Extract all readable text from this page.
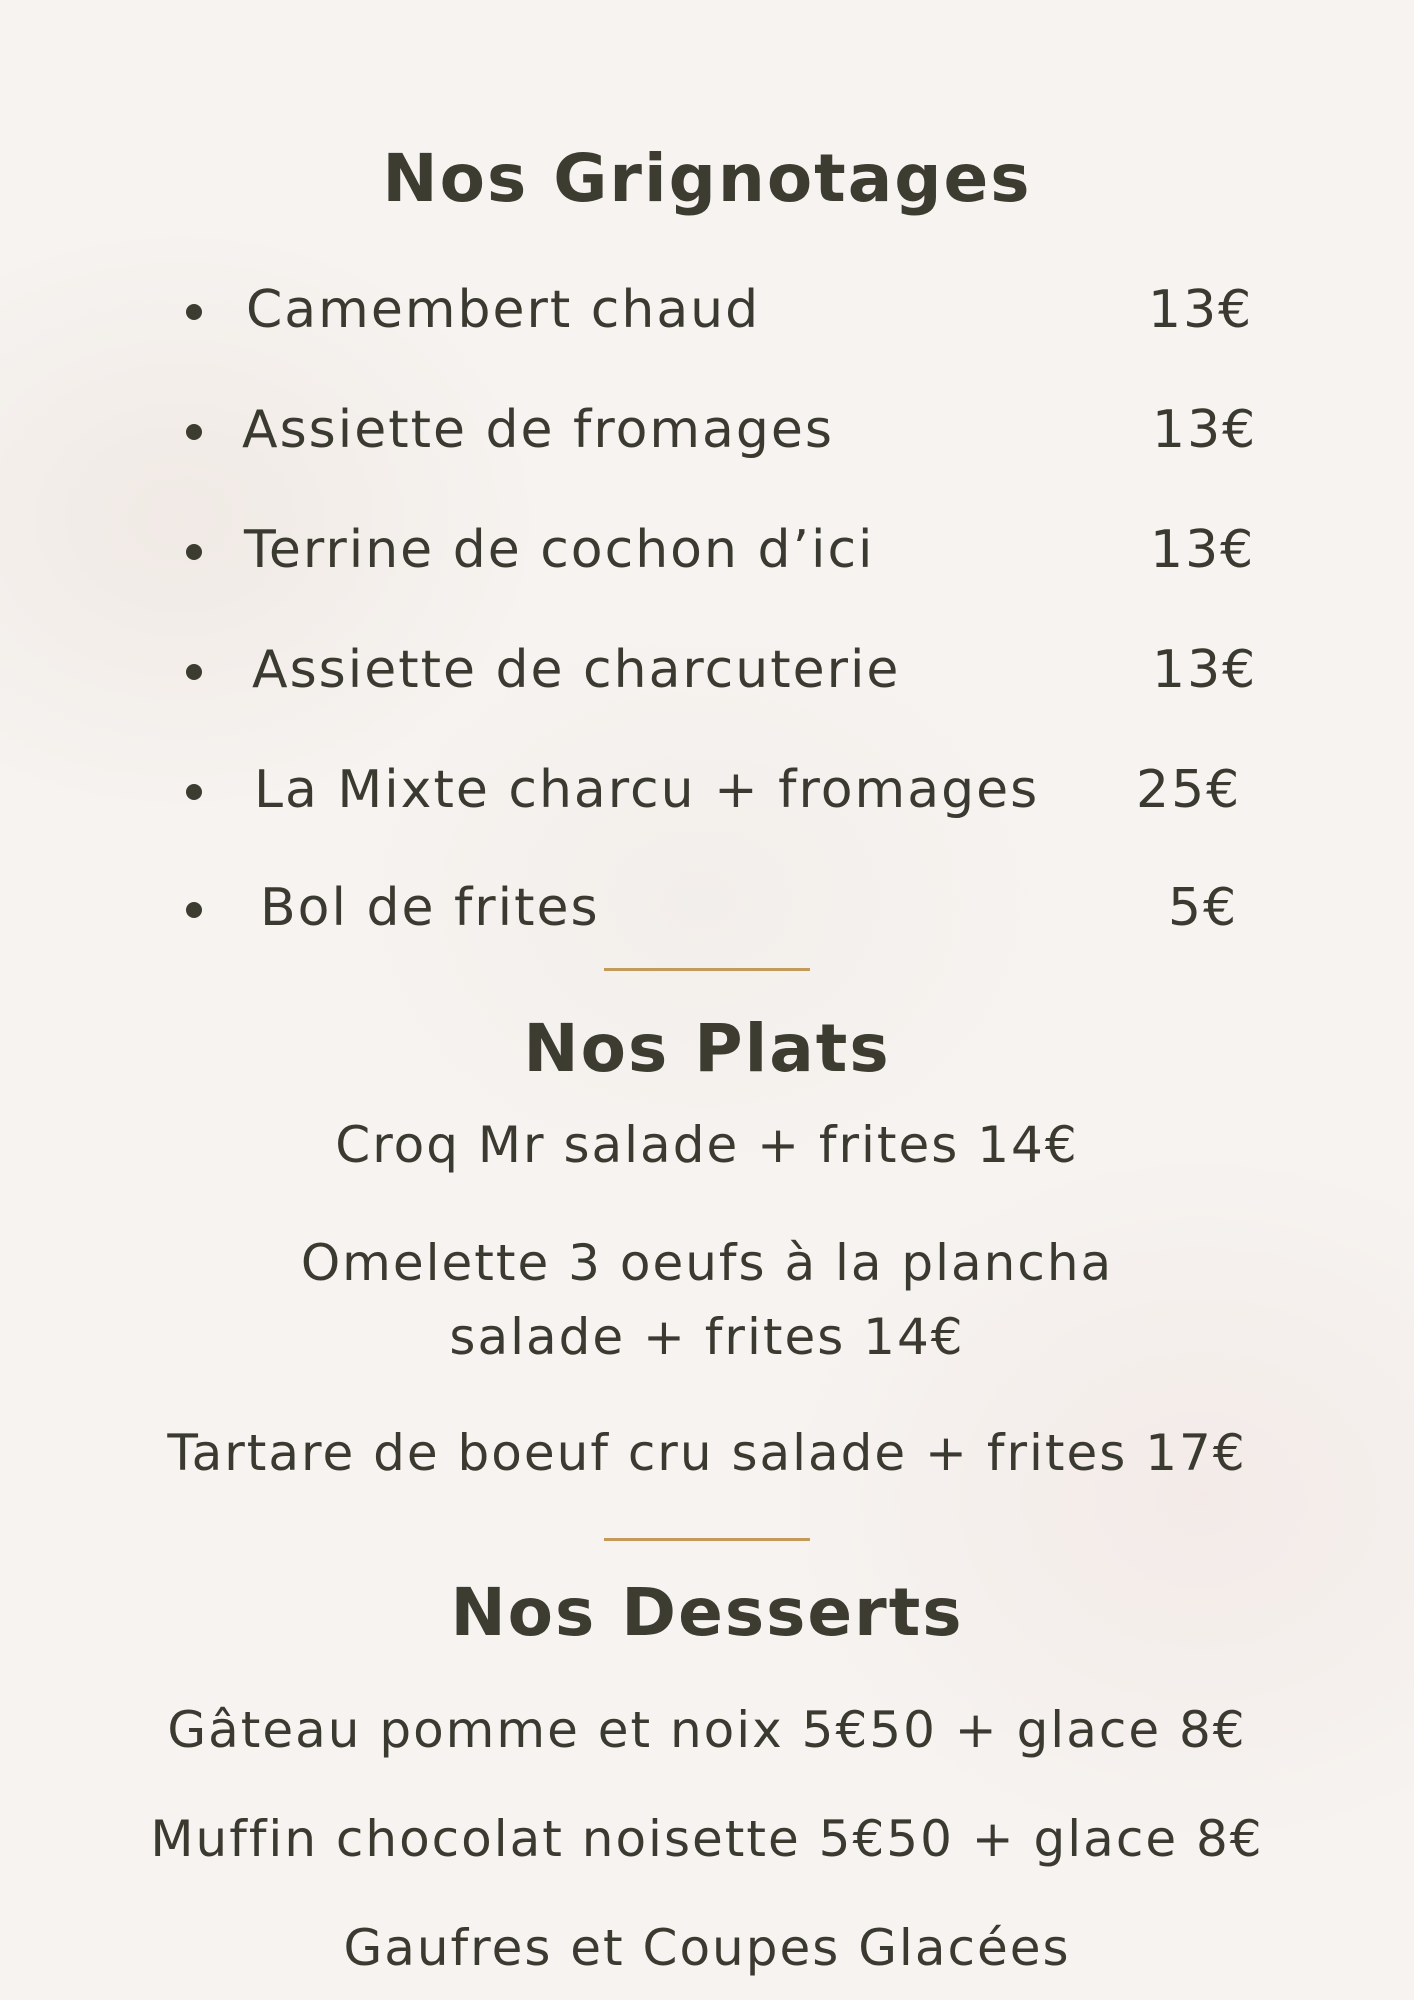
Nos Grignotages
Camembert chaud	13€
Assiette de fromages	13€
Terrine de cochon d’ici	13€
Assiette de charcuterie	13€
La Mixte charcu + fromages 25€
Bol de frites	5€
Nos Plats
Croq Mr salade + frites 14€
Omelette 3 oeufs à la plancha
salade + frites 14€
Tartare de boeuf cru salade + frites 17€
Nos Desserts
Gâteau pomme et noix 5€50 + glace 8€
Muffin chocolat noisette 5€50 + glace 8€
Gaufres et Coupes Glacées
